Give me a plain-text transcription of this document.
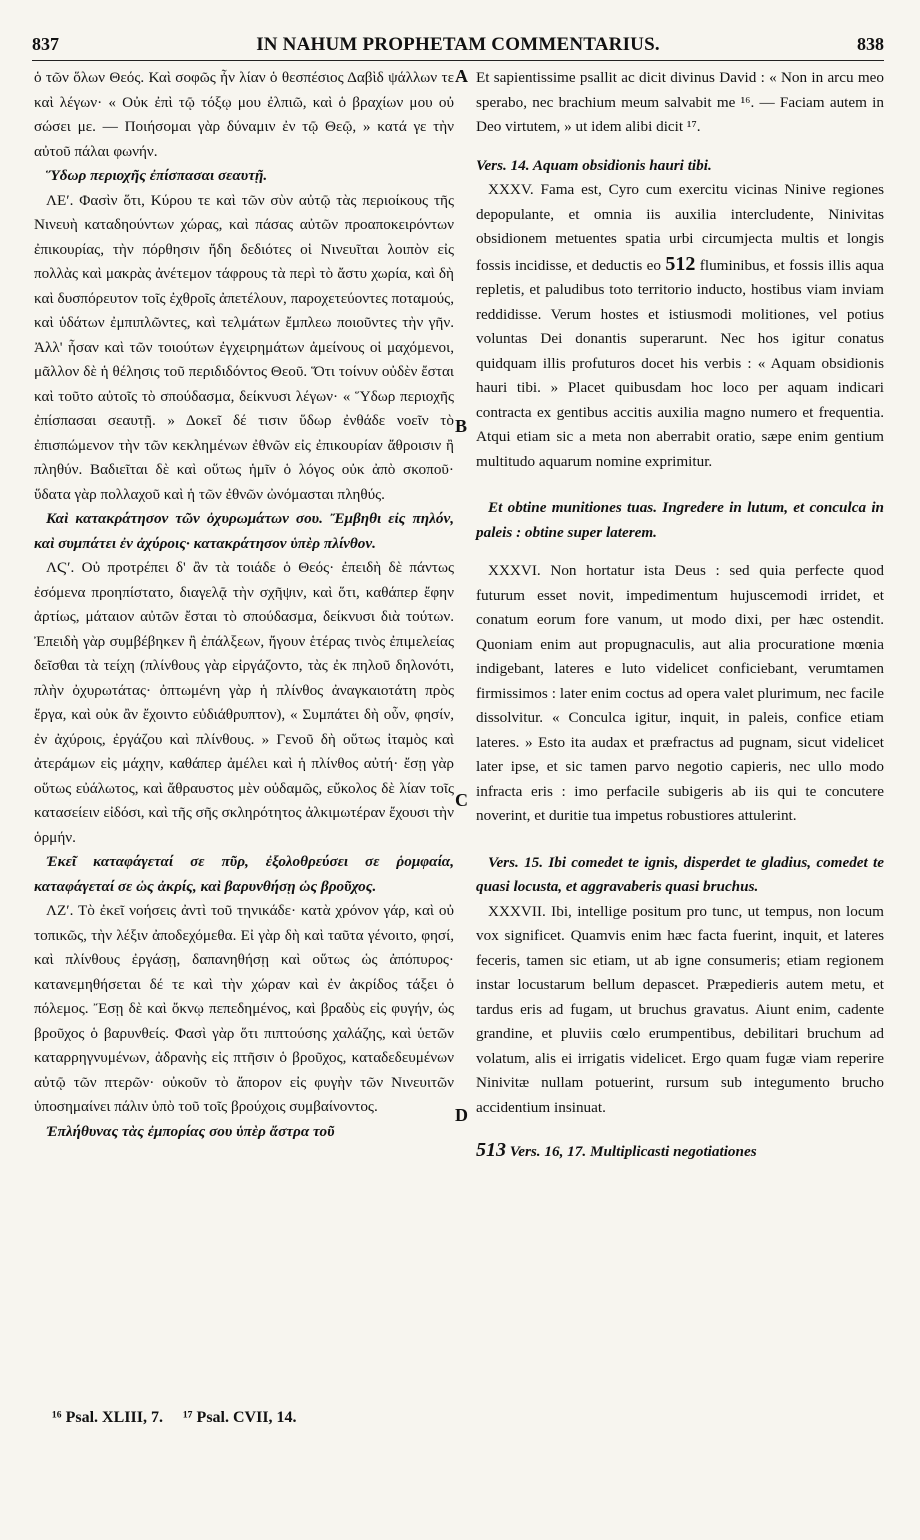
837	IN NAHUM PROPHETAM COMMENTARIUS.	838

ὁ τῶν ὅλων Θεός. Καὶ σοφῶς ἦν λίαν ὁ θεσπέσιος Δαβὶδ ψάλλων τε καὶ λέγων· « Οὐκ ἐπὶ τῷ τόξῳ μου ἐλπιῶ, καὶ ὁ βραχίων μου οὐ σώσει με. — Ποιήσομαι γὰρ δύναμιν ἐν τῷ Θεῷ, » κατά γε τὴν αὐτοῦ πάλαι φωνήν.

Ὕδωρ περιοχῆς ἐπίσπασαι σεαυτῇ.

ΛΕʹ. Φασὶν ὅτι, Κύρου τε καὶ τῶν σὺν αὐτῷ τὰς περιοίκους τῆς Νινευὴ καταδηούντων χώρας, καὶ πάσας αὐτῶν προαποκειρόντων ἐπικουρίας, τὴν πόρθησιν ἤδη δεδιότες οἱ Νινευῖται λοιπὸν εἰς πολλὰς καὶ μακρὰς ἀνέτεμον τάφρους τὰ περὶ τὸ ἄστυ χωρία, καὶ δὴ καὶ δυσπόρευτον τοῖς ἐχθροῖς ἀπετέλουν, παροχετεύοντες ποταμούς, καὶ ὑδάτων ἐμπιπλῶντες, καὶ τελμάτων ἔμπλεω ποιοῦντες τὴν γῆν. Ἀλλ' ἦσαν καὶ τῶν τοιούτων ἐγχειρημάτων ἀμείνους οἱ μαχόμενοι, μᾶλλον δὲ ἡ θέλησις τοῦ περιδιδόντος Θεοῦ. Ὅτι τοίνυν οὐδὲν ἔσται καὶ τοῦτο αὐτοῖς τὸ σπούδασμα, δείκνυσι λέγων· « Ὕδωρ περιοχῆς ἐπίσπασαι σεαυτῇ. » Δοκεῖ δέ τισιν ὕδωρ ἐνθάδε νοεῖν τὸ ἐπισπώμενον τὴν τῶν κεκλημένων ἐθνῶν εἰς ἐπικουρίαν ἄθροισιν ἢ πληθύν. Βαδιεῖται δὲ καὶ οὕτως ἡμῖν ὁ λόγος οὐκ ἀπὸ σκοποῦ· ὕδατα γὰρ πολλαχοῦ καὶ ἡ τῶν ἐθνῶν ὠνόμασται πληθύς.

Καὶ κατακράτησον τῶν ὀχυρωμάτων σου. Ἔμβηθι εἰς πηλόν, καὶ συμπάτει ἐν ἀχύροις· κατακράτησον ὑπὲρ πλίνθον.

ΛϚʹ. Οὐ προτρέπει δ' ἂν τὰ τοιάδε ὁ Θεός· ἐπειδὴ δὲ πάντως ἐσόμενα προηπίστατο, διαγελᾷ τὴν σχῆψιν, καὶ ὅτι, καθάπερ ἔφην ἀρτίως, μάταιον αὐτῶν ἔσται τὸ σπούδασμα, δείκνυσι διὰ τούτων. Ἐπειδὴ γὰρ συμβέβηκεν ἢ ἐπάλξεων, ἤγουν ἑτέρας τινὸς ἐπιμελείας δεῖσθαι τὰ τείχη (πλίνθους γὰρ εἰργάζοντο, τὰς ἐκ πηλοῦ δηλονότι, πλὴν ὀχυρωτάτας· ὀπτωμένη γὰρ ἡ πλίνθος ἀναγκαιοτάτη πρὸς ἔργα, καὶ οὐκ ἂν ἔχοιντο εὐδιάθρυπτον), « Συμπάτει δὴ οὖν, φησίν, ἐν ἀχύροις, ἐργάζου καὶ πλίνθους. » Γενοῦ δὴ οὕτως ἰταμὸς καὶ ἀτεράμων εἰς μάχην, καθάπερ ἀμέλει καὶ ἡ πλίνθος αὐτή· ἔσῃ γὰρ οὕτως εὐάλωτος, καὶ ἄθραυστος μὲν οὐδαμῶς, εὔκολος δὲ λίαν τοῖς κατασείειν εἰδόσι, καὶ τῆς σῆς σκληρότητος ἀλκιμωτέραν ἔχουσι τὴν ὁρμήν.

Ἐκεῖ καταφάγεταί σε πῦρ, ἐξολοθρεύσει σε ῥομφαία, καταφάγεταί σε ὡς ἀκρίς, καὶ βαρυνθήσῃ ὡς βροῦχος.

ΛΖʹ. Τὸ ἐκεῖ νοήσεις ἀντὶ τοῦ τηνικάδε· κατὰ χρόνον γάρ, καὶ οὐ τοπικῶς, τὴν λέξιν ἀποδεχόμεθα. Εἰ γὰρ δὴ καὶ ταῦτα γένοιτο, φησί, καὶ πλίνθους ἐργάσῃ, δαπανηθήσῃ καὶ οὕτως ὡς ἀπόπυρος· κατανεμηθήσεται δέ τε καὶ τὴν χώραν καὶ ἐν ἀκρίδος τάξει ὁ πόλεμος. Ἔσῃ δὲ καὶ ὄκνῳ πεπεδημένος, καὶ βραδὺς εἰς φυγήν, ὡς βροῦχος ὁ βαρυνθείς. Φασὶ γὰρ ὅτι πιπτούσης χαλάζης, καὶ ὑετῶν καταρρηγνυμένων, ἀδρανὴς εἰς πτῆσιν ὁ βροῦχος, καταδεδευμένων αὐτῷ τῶν πτερῶν· οὐκοῦν τὸ ἄπορον εἰς φυγὴν τῶν Νινευιτῶν ὑποσημαίνει πάλιν ὑπὸ τοῦ τοῖς βρούχοις συμβαίνοντος.

Ἐπλήθυνας τὰς ἐμπορίας σου ὑπὲρ ἄστρα τοῦ

A
B
C
D

Et sapientissime psallit ac dicit divinus David : « Non in arcu meo sperabo, nec brachium meum salvabit me ¹⁶. — Faciam autem in Deo virtutem, » ut idem alibi dicit ¹⁷.

Vers. 14. Aquam obsidionis hauri tibi.

XXXV. Fama est, Cyro cum exercitu vicinas Ninive regiones depopulante, et omnia iis auxilia intercludente, Ninivitas obsidionem metuentes spatia urbi circumjecta multis et longis fossis incidisse, et deductis eo 512 fluminibus, et fossis illis aqua repletis, et paludibus toto territorio inducto, hostibus viam inviam reddidisse. Verum hostes et istiusmodi molitiones, vel potius voluntas Dei donantis superarunt. Nec hos igitur conatus quidquam illis profuturos docet his verbis : « Aquam obsidionis hauri tibi. » Placet quibusdam hoc loco per aquam indicari contracta ex gentibus accitis auxilia magno numero et frequentia. Atqui etiam sic a meta non aberrabit oratio, sæpe enim gentium multitudo aquarum nomine exprimitur.

Et obtine munitiones tuas. Ingredere in lutum, et conculca in paleis : obtine super laterem.

XXXVI. Non hortatur ista Deus : sed quia perfecte quod futurum esset novit, impedimentum hujuscemodi irridet, et conatum eorum fore vanum, ut modo dixi, per hæc ostendit. Quoniam enim aut propugnaculis, aut alia procuratione mœnia indigebant, lateres e luto videlicet conficiebant, verumtamen firmissimos : later enim coctus ad opera valet plurimum, nec facile dissolvitur. « Conculca igitur, inquit, in paleis, confice etiam lateres. » Esto ita audax et præfractus ad pugnam, sicut videlicet later ipse, et sic tamen parvo negotio capieris, nec ullo modo infracta eris : imo perfacile subigeris ab iis qui te concutere noverint, et duritie tua impetus robustiores attulerint.

Vers. 15. Ibi comedet te ignis, disperdet te gladius, comedet te quasi locusta, et aggravaberis quasi bruchus.

XXXVII. Ibi, intellige positum pro tunc, ut tempus, non locum vox significet. Quamvis enim hæc facta fuerint, inquit, et lateres feceris, tamen sic etiam, ut ab igne consumeris; etiam regionem instar locustarum bellum depascet. Præpedieris autem metu, et tardus eris ad fugam, ut bruchus gravatus. Aiunt enim, cadente grandine, et pluviis cœlo erumpentibus, debilitari bruchum ad volatum, alis ei irrigatis videlicet. Ergo quam fugæ viam reperire Ninivitæ nullam potuerint, rursum sub integumento brucho accidentium insinuat.

513 Vers. 16, 17. Multiplicasti negotiationes

¹⁶ Psal. XLIII, 7. ¹⁷ Psal. CVII, 14.
